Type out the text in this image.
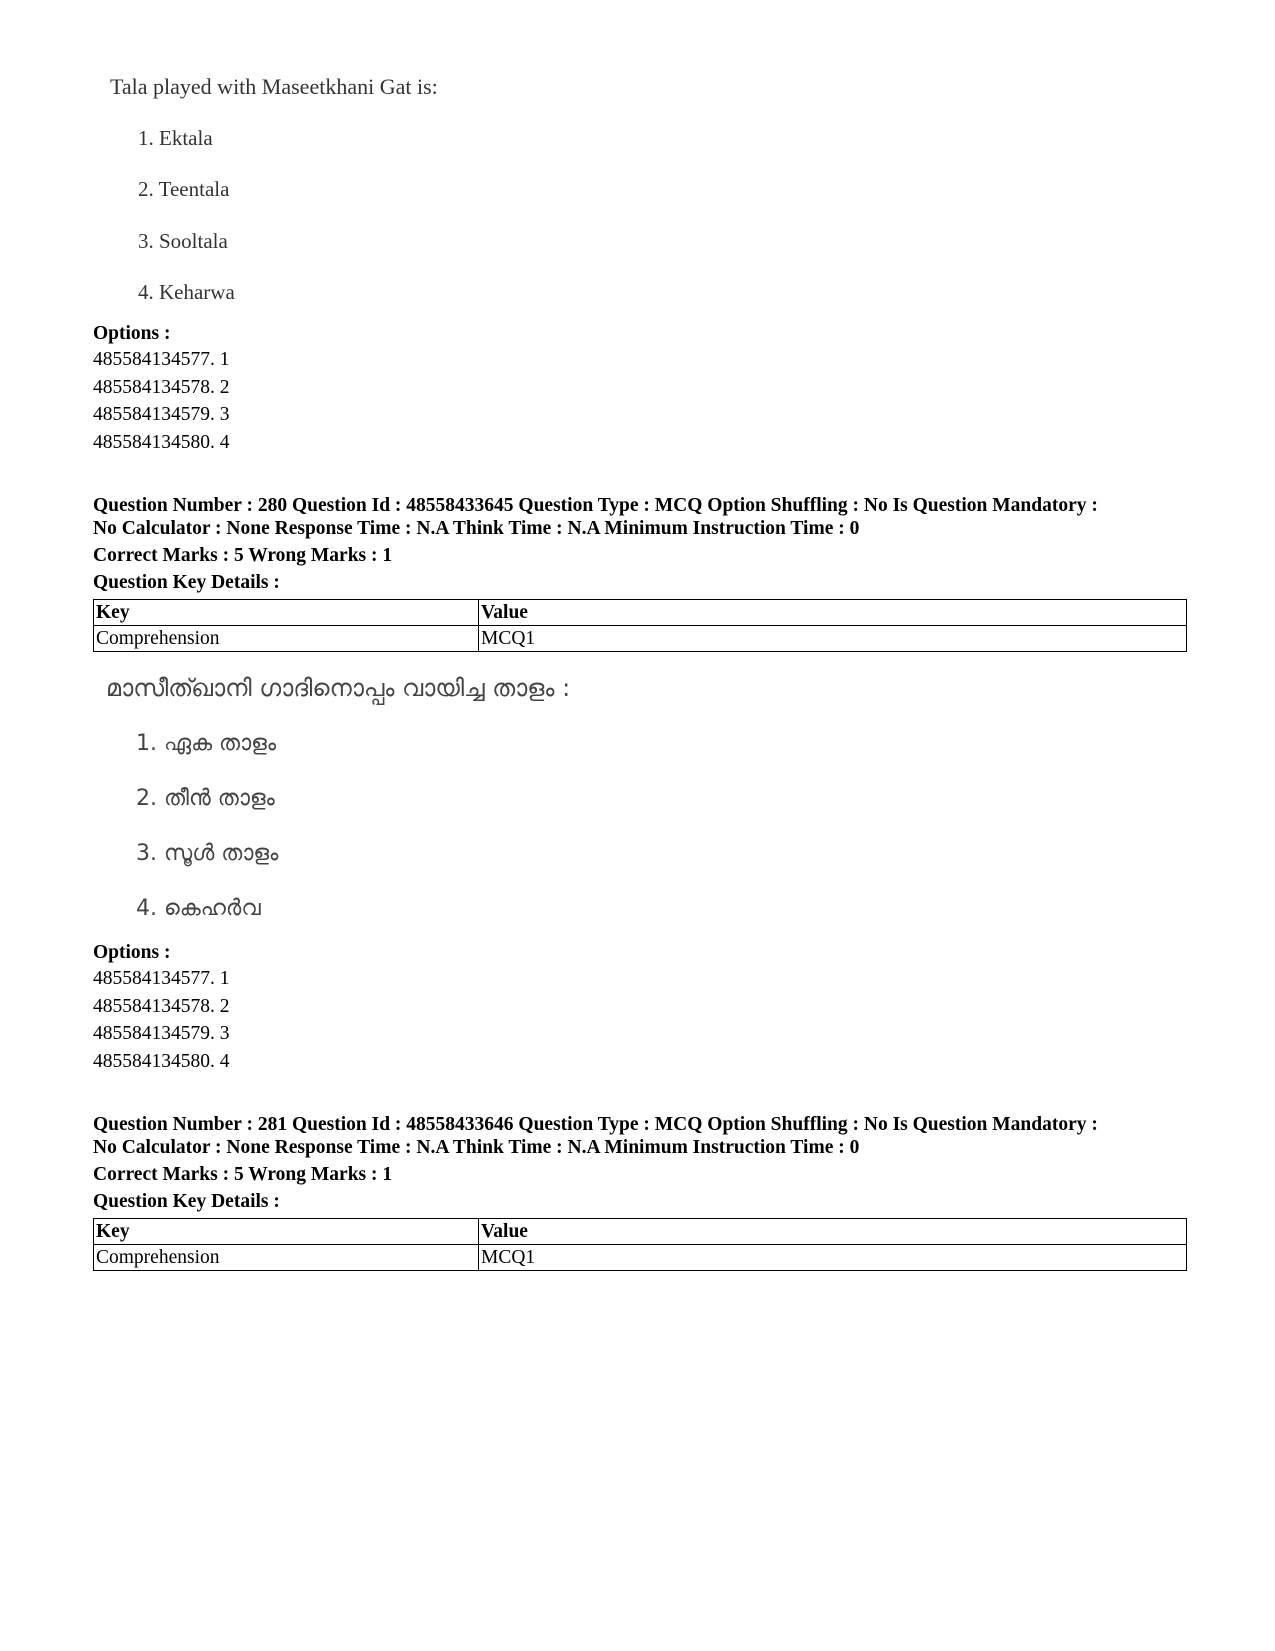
Tala played with Maseetkhani Gat is:
1. Ektala
2. Teentala
3. Sooltala
4. Keharwa
Options :
485584134577. 1
485584134578. 2
485584134579. 3
485584134580. 4
Question Number : 280 Question Id : 48558433645 Question Type : MCQ Option Shuffling : No Is Question Mandatory :
No Calculator : None Response Time : N.A Think Time : N.A Minimum Instruction Time : 0
Correct Marks : 5 Wrong Marks : 1
Question Key Details :
Key	Value
Comprehension	MCQ1
മാസീത്ഖാനി ഗാദിനൊപ്പം വായിച്ച താളം :
1. ഏക താളം
2. തീൻ താളം
3. സൂൾ താളം
4. കെഹർവ
Options :
485584134577. 1
485584134578. 2
485584134579. 3
485584134580. 4
Question Number : 281 Question Id : 48558433646 Question Type : MCQ Option Shuffling : No Is Question Mandatory :
No Calculator : None Response Time : N.A Think Time : N.A Minimum Instruction Time : 0
Correct Marks : 5 Wrong Marks : 1
Question Key Details :
Key	Value
Comprehension	MCQ1
